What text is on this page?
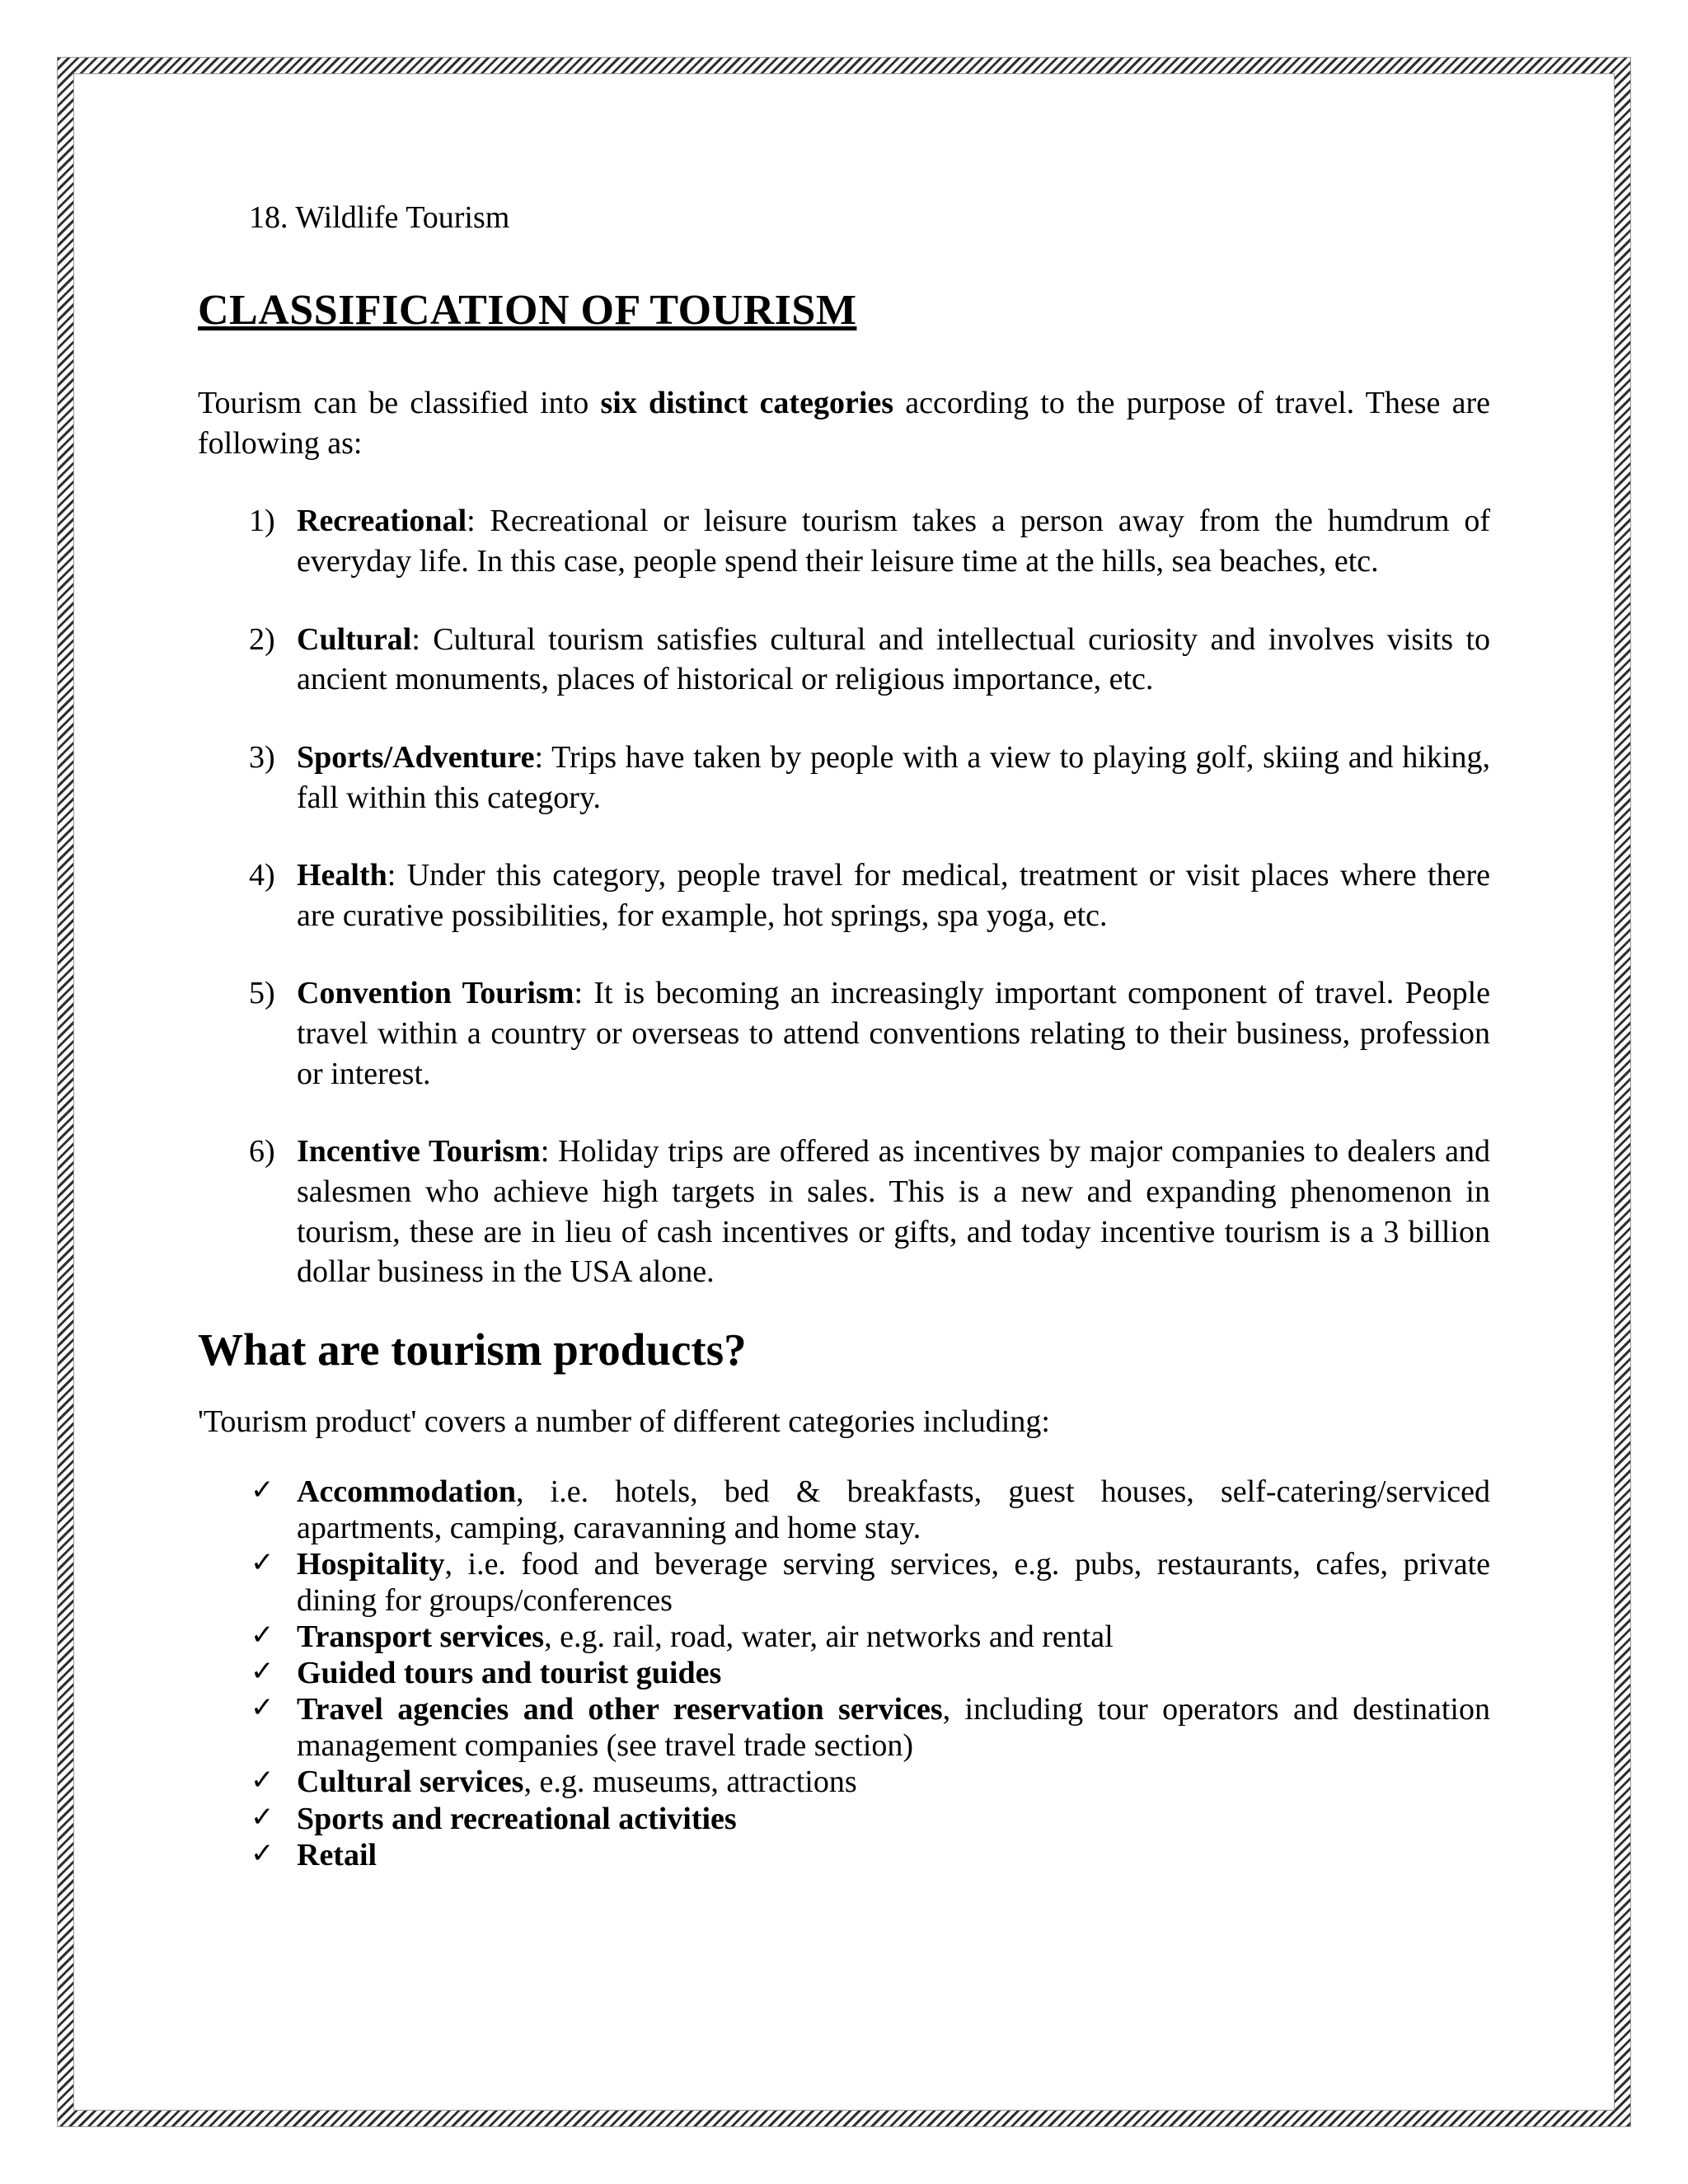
18. Wildlife Tourism

CLASSIFICATION OF TOURISM

Tourism can be classified into six distinct categories according to the purpose of travel. These are following as:

1) Recreational: Recreational or leisure tourism takes a person away from the humdrum of everyday life. In this case, people spend their leisure time at the hills, sea beaches, etc.
2) Cultural: Cultural tourism satisfies cultural and intellectual curiosity and involves visits to ancient monuments, places of historical or religious importance, etc.
3) Sports/Adventure: Trips have taken by people with a view to playing golf, skiing and hiking, fall within this category.
4) Health: Under this category, people travel for medical, treatment or visit places where there are curative possibilities, for example, hot springs, spa yoga, etc.
5) Convention Tourism: It is becoming an increasingly important component of travel. People travel within a country or overseas to attend conventions relating to their business, profession or interest.
6) Incentive Tourism: Holiday trips are offered as incentives by major companies to dealers and salesmen who achieve high targets in sales. This is a new and expanding phenomenon in tourism, these are in lieu of cash incentives or gifts, and today incentive tourism is a 3 billion dollar business in the USA alone.
What are tourism products?

'Tourism product' covers a number of different categories including:

✓ Accommodation, i.e. hotels, bed & breakfasts, guest houses, self-catering/serviced apartments, camping, caravanning and home stay.
✓ Hospitality, i.e. food and beverage serving services, e.g. pubs, restaurants, cafes, private dining for groups/conferences
✓ Transport services, e.g. rail, road, water, air networks and rental
✓ Guided tours and tourist guides
✓ Travel agencies and other reservation services, including tour operators and destination management companies (see travel trade section)
✓ Cultural services, e.g. museums, attractions
✓ Sports and recreational activities
✓ Retail
